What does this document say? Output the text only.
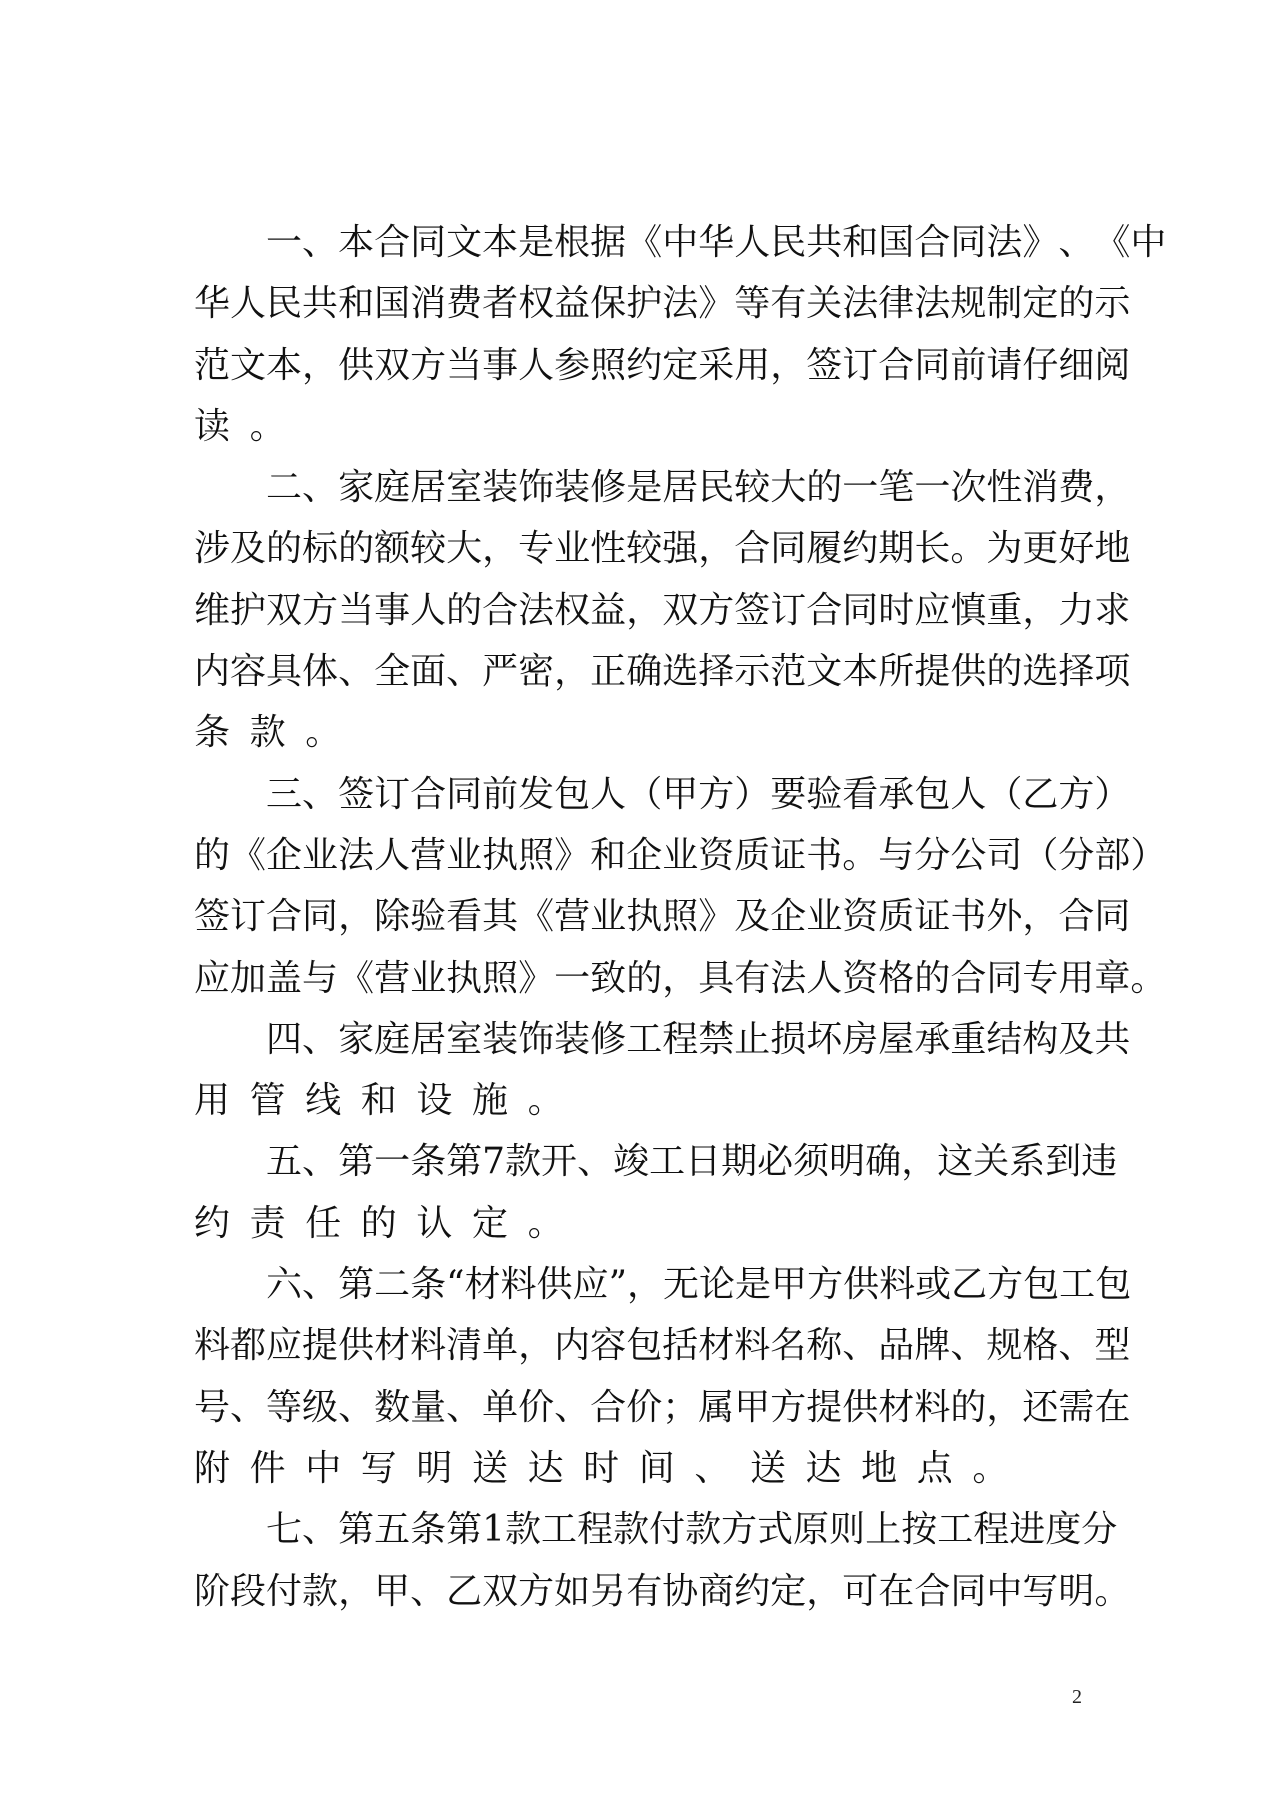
一 、 本 合 同 文 本 是 根 据 《 中 华 人 民 共 和 国 合 同 法 》 、 《 中
华 人 民 共 和 国 消 费 者 权 益 保 护 法 》 等 有 关 法 律 法 规 制 定 的 示
范 文 本 ， 供 双 方 当 事 人 参 照 约 定 采 用 ， 签 订 合 同 前 请 仔 细 阅
读 。

二 、 家 庭 居 室 装 饰 装 修 是 居 民 较 大 的 一 笔 一 次 性 消 费 ，
涉 及 的 标 的 额 较 大 ， 专 业 性 较 强 ， 合 同 履 约 期 长 。 为 更 好 地
维 护 双 方 当 事 人 的 合 法 权 益 ， 双 方 签 订 合 同 时 应 慎 重 ， 力 求
内 容 具 体 、 全 面 、 严 密 ， 正 确 选 择 示 范 文 本 所 提 供 的 选 择 项
条 款 。

三 、 签 订 合 同 前 发 包 人 （ 甲 方 ） 要 验 看 承 包 人 （ 乙 方 ）
的 《 企 业 法 人 营 业 执 照 》 和 企 业 资 质 证 书 。 与 分 公 司 （ 分 部 ）
签 订 合 同 ， 除 验 看 其 《 营 业 执 照 》 及 企 业 资 质 证 书 外 ， 合 同
应 加 盖 与 《 营 业 执 照 》 一 致 的 ， 具 有 法 人 资 格 的 合 同 专 用 章 。

四 、 家 庭 居 室 装 饰 装 修 工 程 禁 止 损 坏 房 屋 承 重 结 构 及 共
用 管 线 和 设 施 。

五 、 第 一 条 第 7 款 开 、 竣 工 日 期 必 须 明 确 ， 这 关 系 到 违
约 责 任 的 认 定 。

六 、 第 二 条 “ 材 料 供 应 ” ， 无 论 是 甲 方 供 料 或 乙 方 包 工 包
料 都 应 提 供 材 料 清 单 ， 内 容 包 括 材 料 名 称 、 品 牌 、 规 格 、 型
号 、 等 级 、 数 量 、 单 价 、 合 价 ； 属 甲 方 提 供 材 料 的 ， 还 需 在
附 件 中 写 明 送 达 时 间 、 送 达 地 点 。

七 、 第 五 条 第 1 款 工 程 款 付 款 方 式 原 则 上 按 工 程 进 度 分
阶 段 付 款 ， 甲 、 乙 双 方 如 另 有 协 商 约 定 ， 可 在 合 同 中 写 明 。
2
